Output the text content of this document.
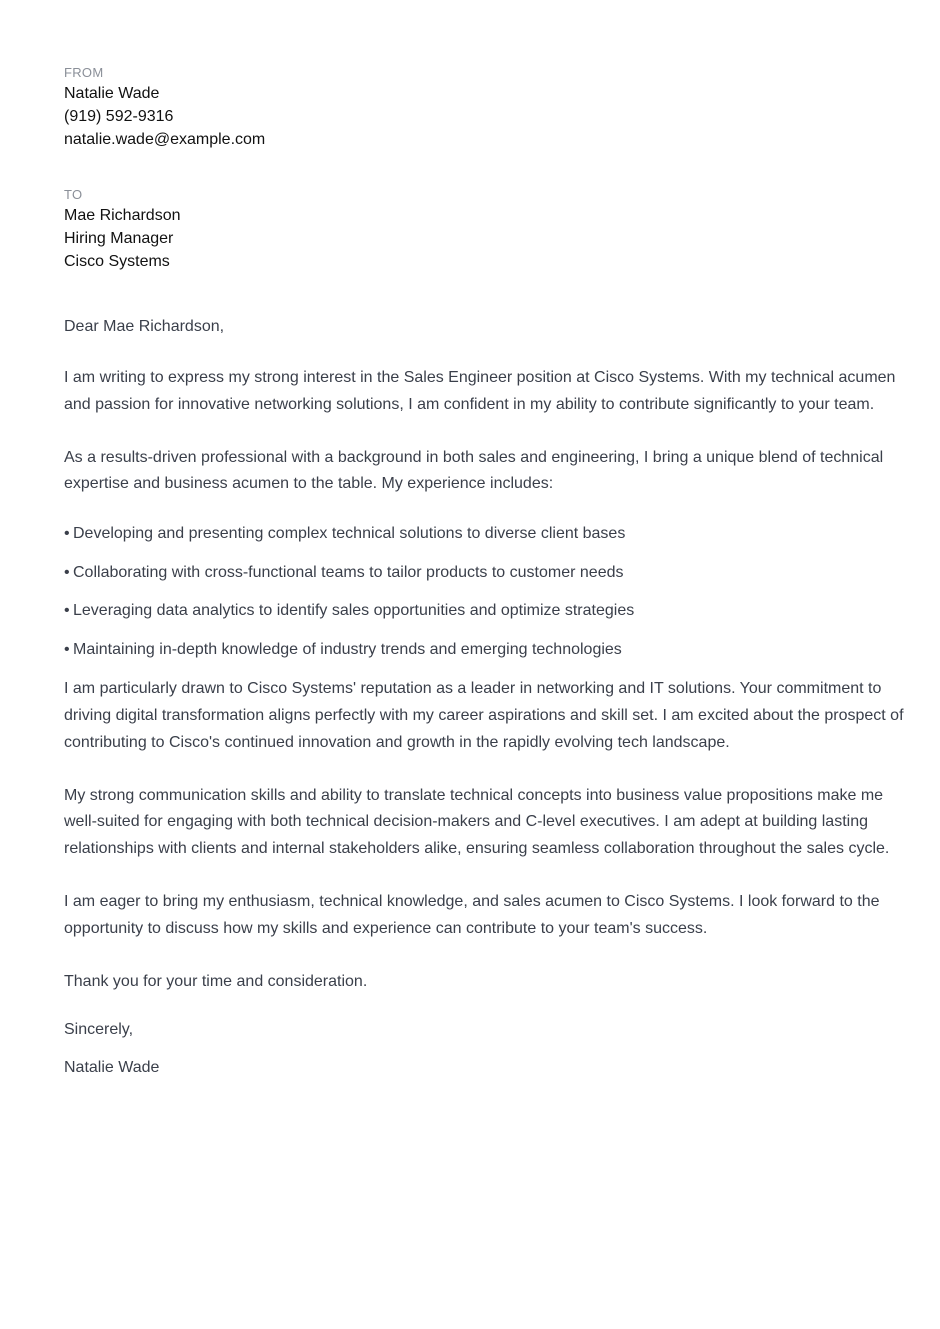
FROM

Natalie Wade

(919) 592-9316

natalie.wade@example.com

TO

Mae Richardson

Hiring Manager

Cisco Systems

Dear Mae Richardson,
I am writing to express my strong interest in the Sales Engineer position at Cisco Systems. With my technical acumen and passion for innovative networking solutions, I am confident in my ability to contribute significantly to your team.
As a results-driven professional with a background in both sales and engineering, I bring a unique blend of technical expertise and business acumen to the table. My experience includes:
• Developing and presenting complex technical solutions to diverse client bases
• Collaborating with cross-functional teams to tailor products to customer needs
• Leveraging data analytics to identify sales opportunities and optimize strategies
• Maintaining in-depth knowledge of industry trends and emerging technologies
I am particularly drawn to Cisco Systems' reputation as a leader in networking and IT solutions. Your commitment to driving digital transformation aligns perfectly with my career aspirations and skill set. I am excited about the prospect of contributing to Cisco's continued innovation and growth in the rapidly evolving tech landscape.
My strong communication skills and ability to translate technical concepts into business value propositions make me well-suited for engaging with both technical decision-makers and C-level executives. I am adept at building lasting relationships with clients and internal stakeholders alike, ensuring seamless collaboration throughout the sales cycle.
I am eager to bring my enthusiasm, technical knowledge, and sales acumen to Cisco Systems. I look forward to the opportunity to discuss how my skills and experience can contribute to your team's success.
Thank you for your time and consideration.
Sincerely,
Natalie Wade
